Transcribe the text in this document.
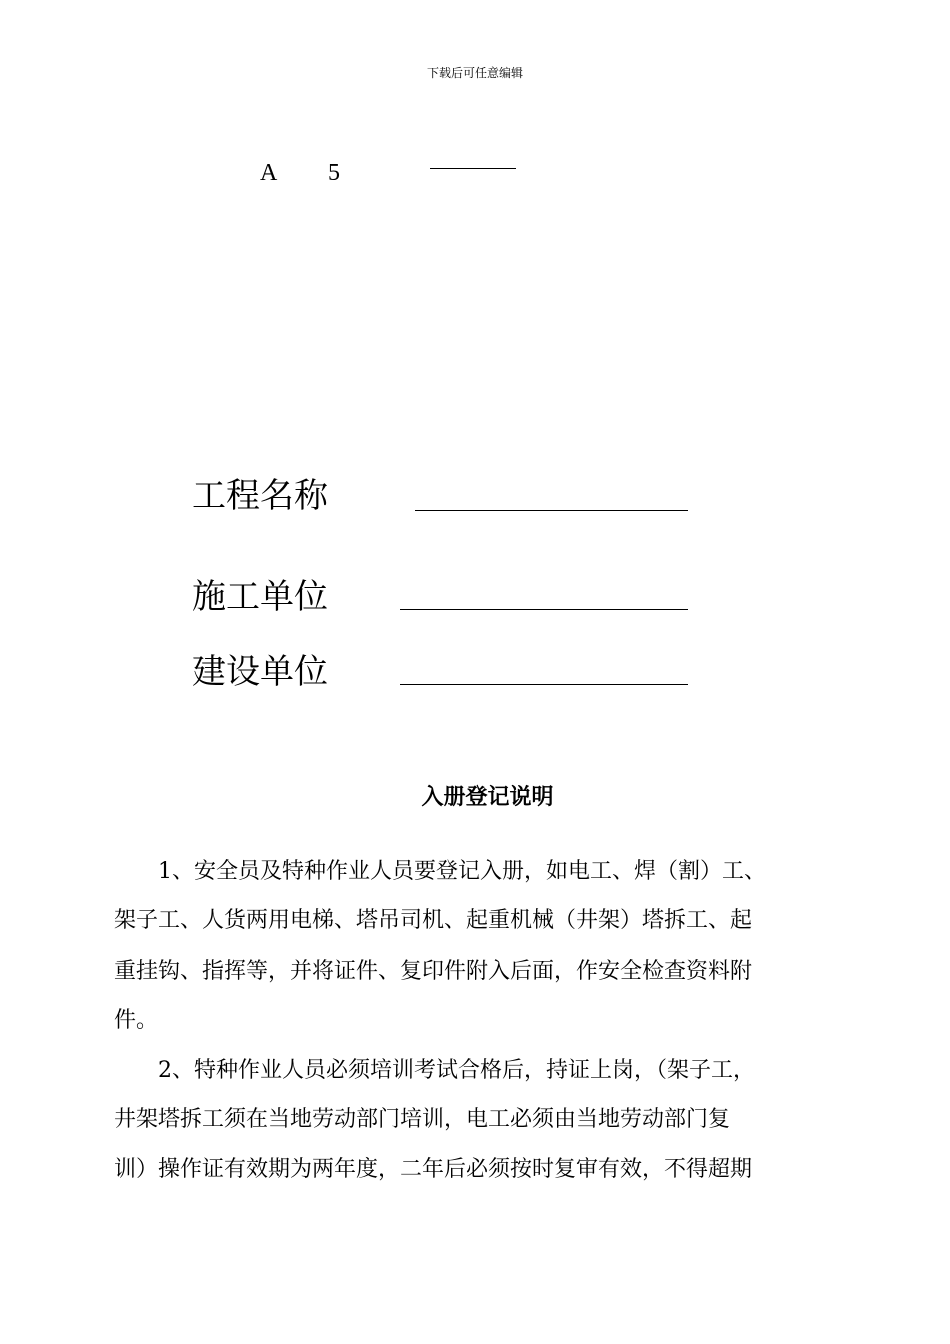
下载后可任意编辑
A 5
工程名称
施工单位
建设单位
入册登记说明
　　1、安全员及特种作业人员要登记入册，如电工、焊（割）工、
架子工、人货两用电梯、塔吊司机、起重机械（井架）塔拆工、起
重挂钩、指挥等，并将证件、复印件附入后面，作安全检查资料附
件。
　　2、特种作业人员必须培训考试合格后，持证上岗，（架子工，
井架塔拆工须在当地劳动部门培训，电工必须由当地劳动部门复
训）操作证有效期为两年度，二年后必须按时复审有效，不得超期
